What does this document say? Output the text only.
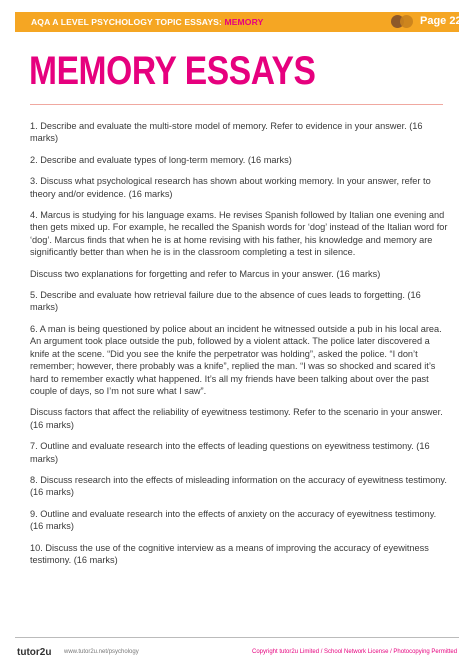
AQA A LEVEL PSYCHOLOGY TOPIC ESSAYS: MEMORY	Page 22
MEMORY ESSAYS

1. Describe and evaluate the multi-store model of memory. Refer to evidence in your answer. (16 marks)

2. Describe and evaluate types of long-term memory. (16 marks)

3. Discuss what psychological research has shown about working memory. In your answer, refer to theory and/or evidence. (16 marks)

4. Marcus is studying for his language exams. He revises Spanish followed by Italian one evening and then gets mixed up. For example, he recalled the Spanish words for ‘dog’ instead of the Italian word for ‘dog’. Marcus finds that when he is at home revising with his father, his knowledge and memory are significantly better than when he is in the classroom completing a test in silence.

Discuss two explanations for forgetting and refer to Marcus in your answer. (16 marks)

5. Describe and evaluate how retrieval failure due to the absence of cues leads to forgetting. (16 marks)

6. A man is being questioned by police about an incident he witnessed outside a pub in his local area. An argument took place outside the pub, followed by a violent attack. The police later discovered a knife at the scene. “Did you see the knife the perpetrator was holding”, asked the police. “I don’t remember; however, there probably was a knife”, replied the man. “I was so shocked and scared it’s hard to remember exactly what happened. It’s all my friends have been talking about over the past couple of days, so I’m not sure what I saw”.

Discuss factors that affect the reliability of eyewitness testimony. Refer to the scenario in your answer. (16 marks)

7. Outline and evaluate research into the effects of leading questions on eyewitness testimony. (16 marks)

8. Discuss research into the effects of misleading information on the accuracy of eyewitness testimony. (16 marks)

9. Outline and evaluate research into the effects of anxiety on the accuracy of eyewitness testimony. (16 marks)

10. Discuss the use of the cognitive interview as a means of improving the accuracy of eyewitness testimony. (16 marks)

tutor2u www.tutor2u.net/psychology	Copyright tutor2u Limited / School Network License / Photocopying Permitted
